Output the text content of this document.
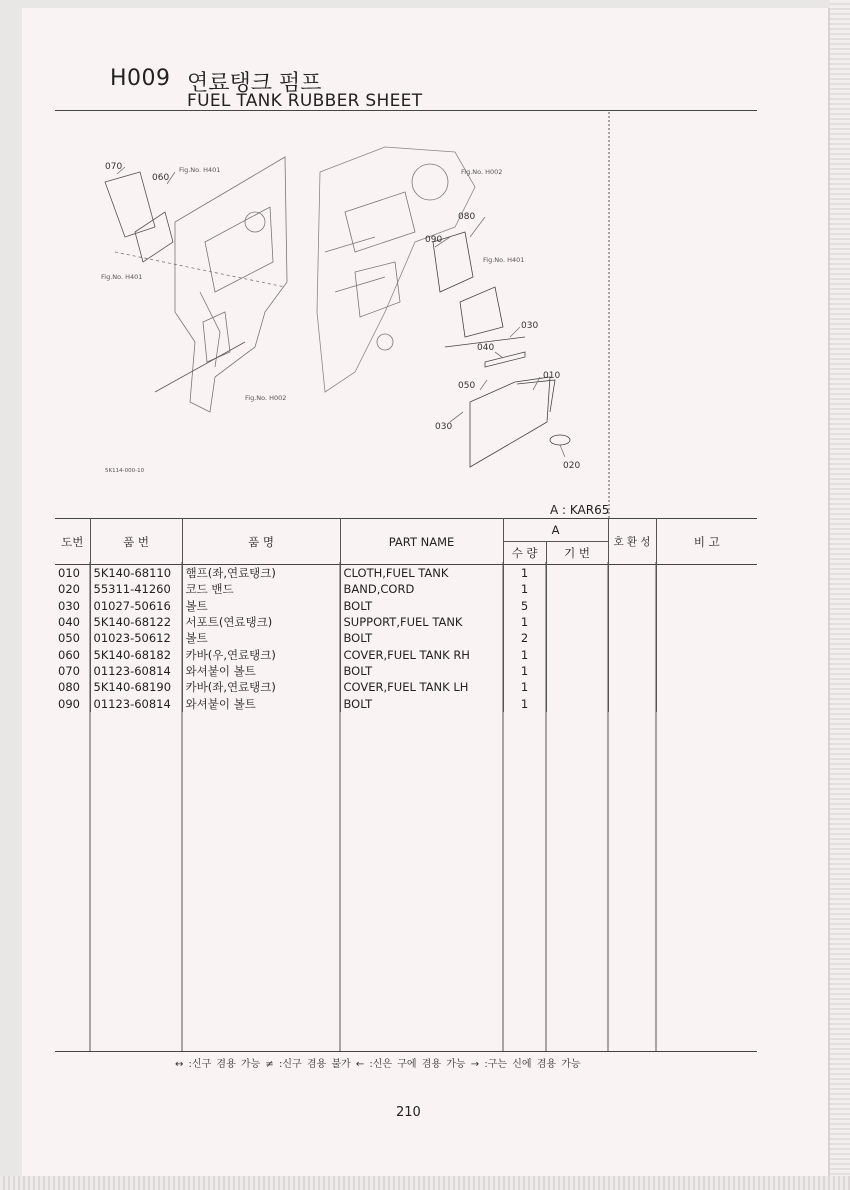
H009 연료탱크 펌프
FUEL TANK RUBBER SHEET
070
060
080
090
030
040
050
010
030
020
Fig.No. H401
Fig.No. H401
Fig.No. H002
Fig.No. H401
Fig.No. H002
5K114-000-10
A : KAR65
도번	품 번	품 명	PART NAME	A		호 환 성	비 고
				수 량	기 번		
010	5K140-68110	햄프(좌,연료탱크)	CLOTH,FUEL TANK	1			
020	55311-41260	코드 밴드	BAND,CORD	1			
030	01027-50616	볼트	BOLT	5			
040	5K140-68122	서포트(연료탱크)	SUPPORT,FUEL TANK	1			
050	01023-50612	볼트	BOLT	2			
060	5K140-68182	카바(우,연료탱크)	COVER,FUEL TANK RH	1			
070	01123-60814	와셔붙이 볼트	BOLT	1			
080	5K140-68190	카바(좌,연료탱크)	COVER,FUEL TANK LH	1			
090	01123-60814	와셔붙이 볼트	BOLT	1			
↔ :신구 겸용 가능 ≠ :신구 겸용 불가 ← :신은 구에 겸용 가능 → :구는 신에 겸용 가능
210
